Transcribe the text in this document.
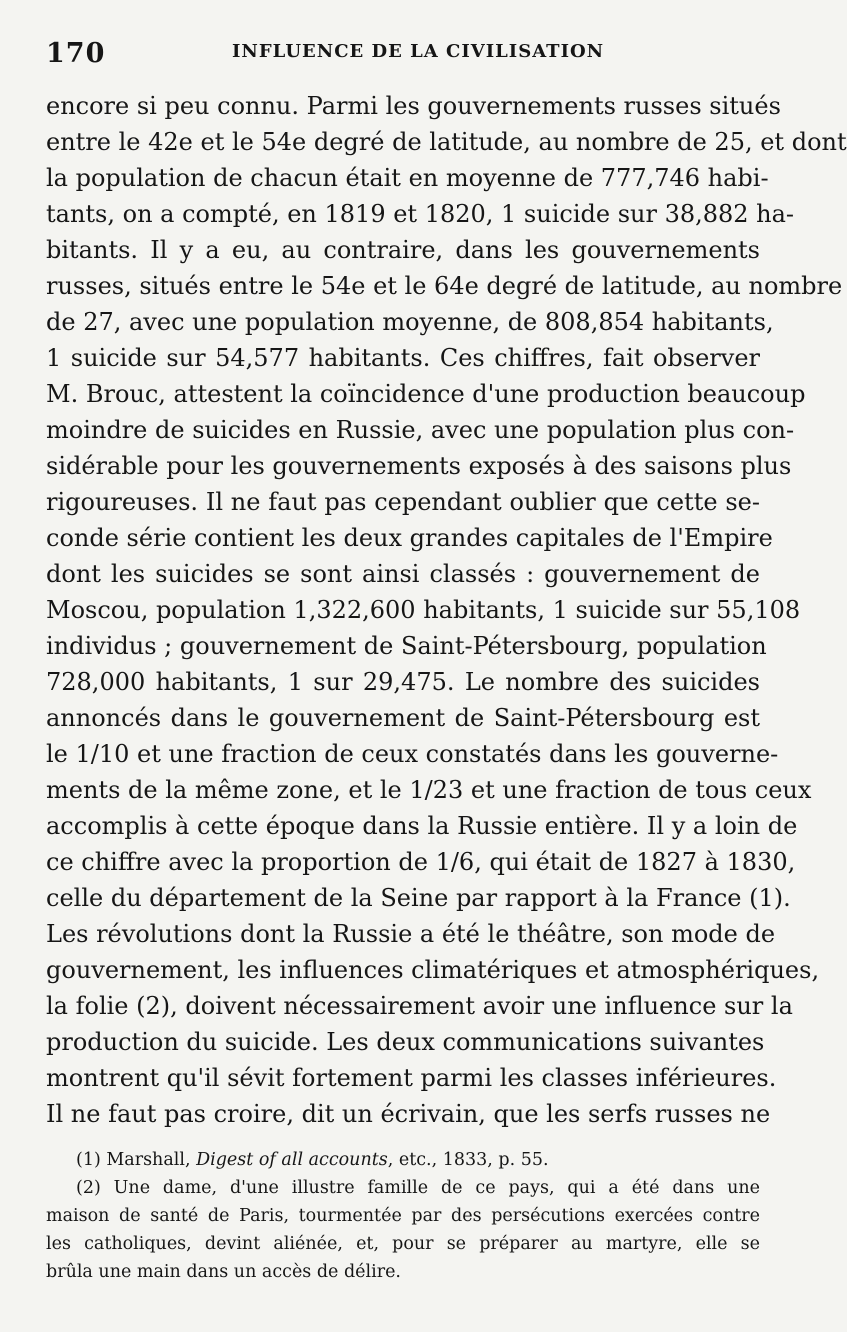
170	INFLUENCE DE LA CIVILISATION
encore si peu connu. Parmi les gouvernements russes situés
entre le 42e et le 54e degré de latitude, au nombre de 25, et dont
la population de chacun était en moyenne de 777,746 habi-
tants, on a compté, en 1819 et 1820, 1 suicide sur 38,882 ha-
bitants. Il y a eu, au contraire, dans les gouvernements
russes, situés entre le 54e et le 64e degré de latitude, au nombre
de 27, avec une population moyenne, de 808,854 habitants,
1 suicide sur 54,577 habitants. Ces chiffres, fait observer
M. Brouc, attestent la coïncidence d'une production beaucoup
moindre de suicides en Russie, avec une population plus con-
sidérable pour les gouvernements exposés à des saisons plus
rigoureuses. Il ne faut pas cependant oublier que cette se-
conde série contient les deux grandes capitales de l'Empire
dont les suicides se sont ainsi classés : gouvernement de
Moscou, population 1,322,600 habitants, 1 suicide sur 55,108
individus ; gouvernement de Saint-Pétersbourg, population
728,000 habitants, 1 sur 29,475. Le nombre des suicides
annoncés dans le gouvernement de Saint-Pétersbourg est
le 1/10 et une fraction de ceux constatés dans les gouverne-
ments de la même zone, et le 1/23 et une fraction de tous ceux
accomplis à cette époque dans la Russie entière. Il y a loin de
ce chiffre avec la proportion de 1/6, qui était de 1827 à 1830,
celle du département de la Seine par rapport à la France (1).
Les révolutions dont la Russie a été le théâtre, son mode de
gouvernement, les influences climatériques et atmosphériques,
la folie (2), doivent nécessairement avoir une influence sur la
production du suicide. Les deux communications suivantes
montrent qu'il sévit fortement parmi les classes inférieures.
Il ne faut pas croire, dit un écrivain, que les serfs russes ne
(1) Marshall, Digest of all accounts, etc., 1833, p. 55.
(2) Une dame, d'une illustre famille de ce pays, qui a été dans une
maison de santé de Paris, tourmentée par des persécutions exercées contre
les catholiques, devint aliénée, et, pour se préparer au martyre, elle se
brûla une main dans un accès de délire.
